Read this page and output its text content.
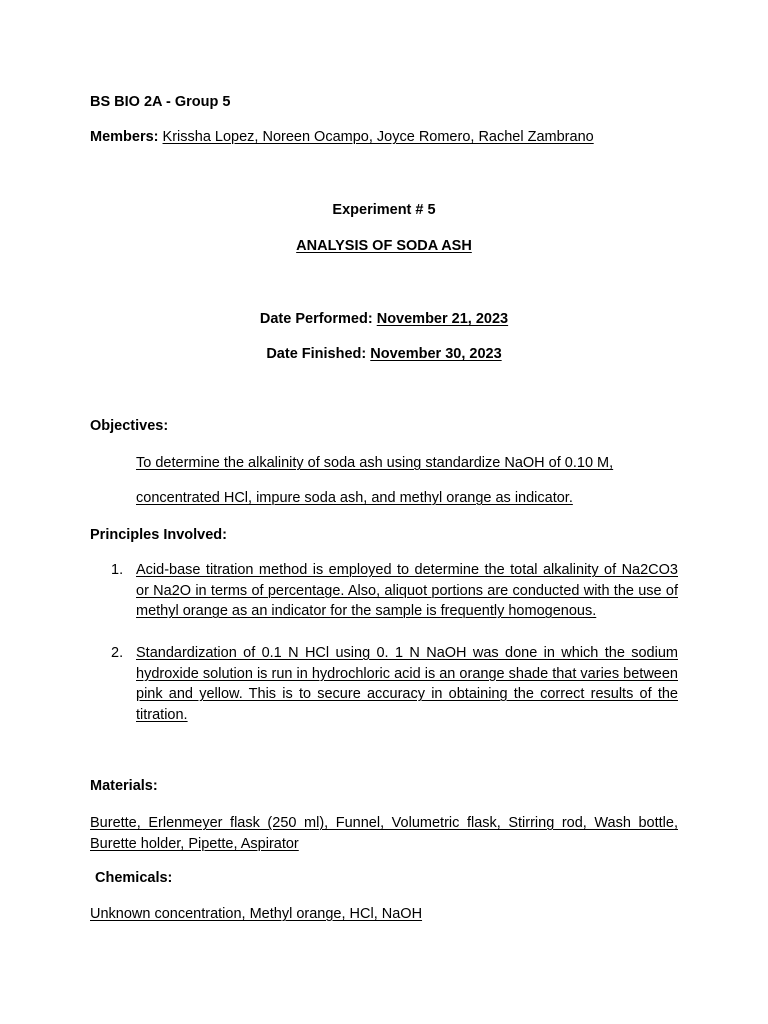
BS BIO 2A - Group 5
Members: Krissha Lopez, Noreen Ocampo, Joyce Romero, Rachel Zambrano
Experiment # 5
ANALYSIS OF SODA ASH
Date Performed: November 21, 2023
Date Finished: November 30, 2023
Objectives:
To determine the alkalinity of soda ash using standardize NaOH of 0.10 M,
concentrated HCl, impure soda ash, and methyl orange as indicator.
Principles Involved:
1. Acid-base titration method is employed to determine the total alkalinity of Na2CO3 or Na2O in terms of percentage. Also, aliquot portions are conducted with the use of methyl orange as an indicator for the sample is frequently homogenous.
2. Standardization of 0.1 N HCl using 0. 1 N NaOH was done in which the sodium hydroxide solution is run in hydrochloric acid is an orange shade that varies between pink and yellow. This is to secure accuracy in obtaining the correct results of the titration.
Materials:
Burette, Erlenmeyer flask (250 ml), Funnel, Volumetric flask, Stirring rod, Wash bottle, Burette holder, Pipette, Aspirator
Chemicals:
Unknown concentration, Methyl orange, HCl, NaOH
